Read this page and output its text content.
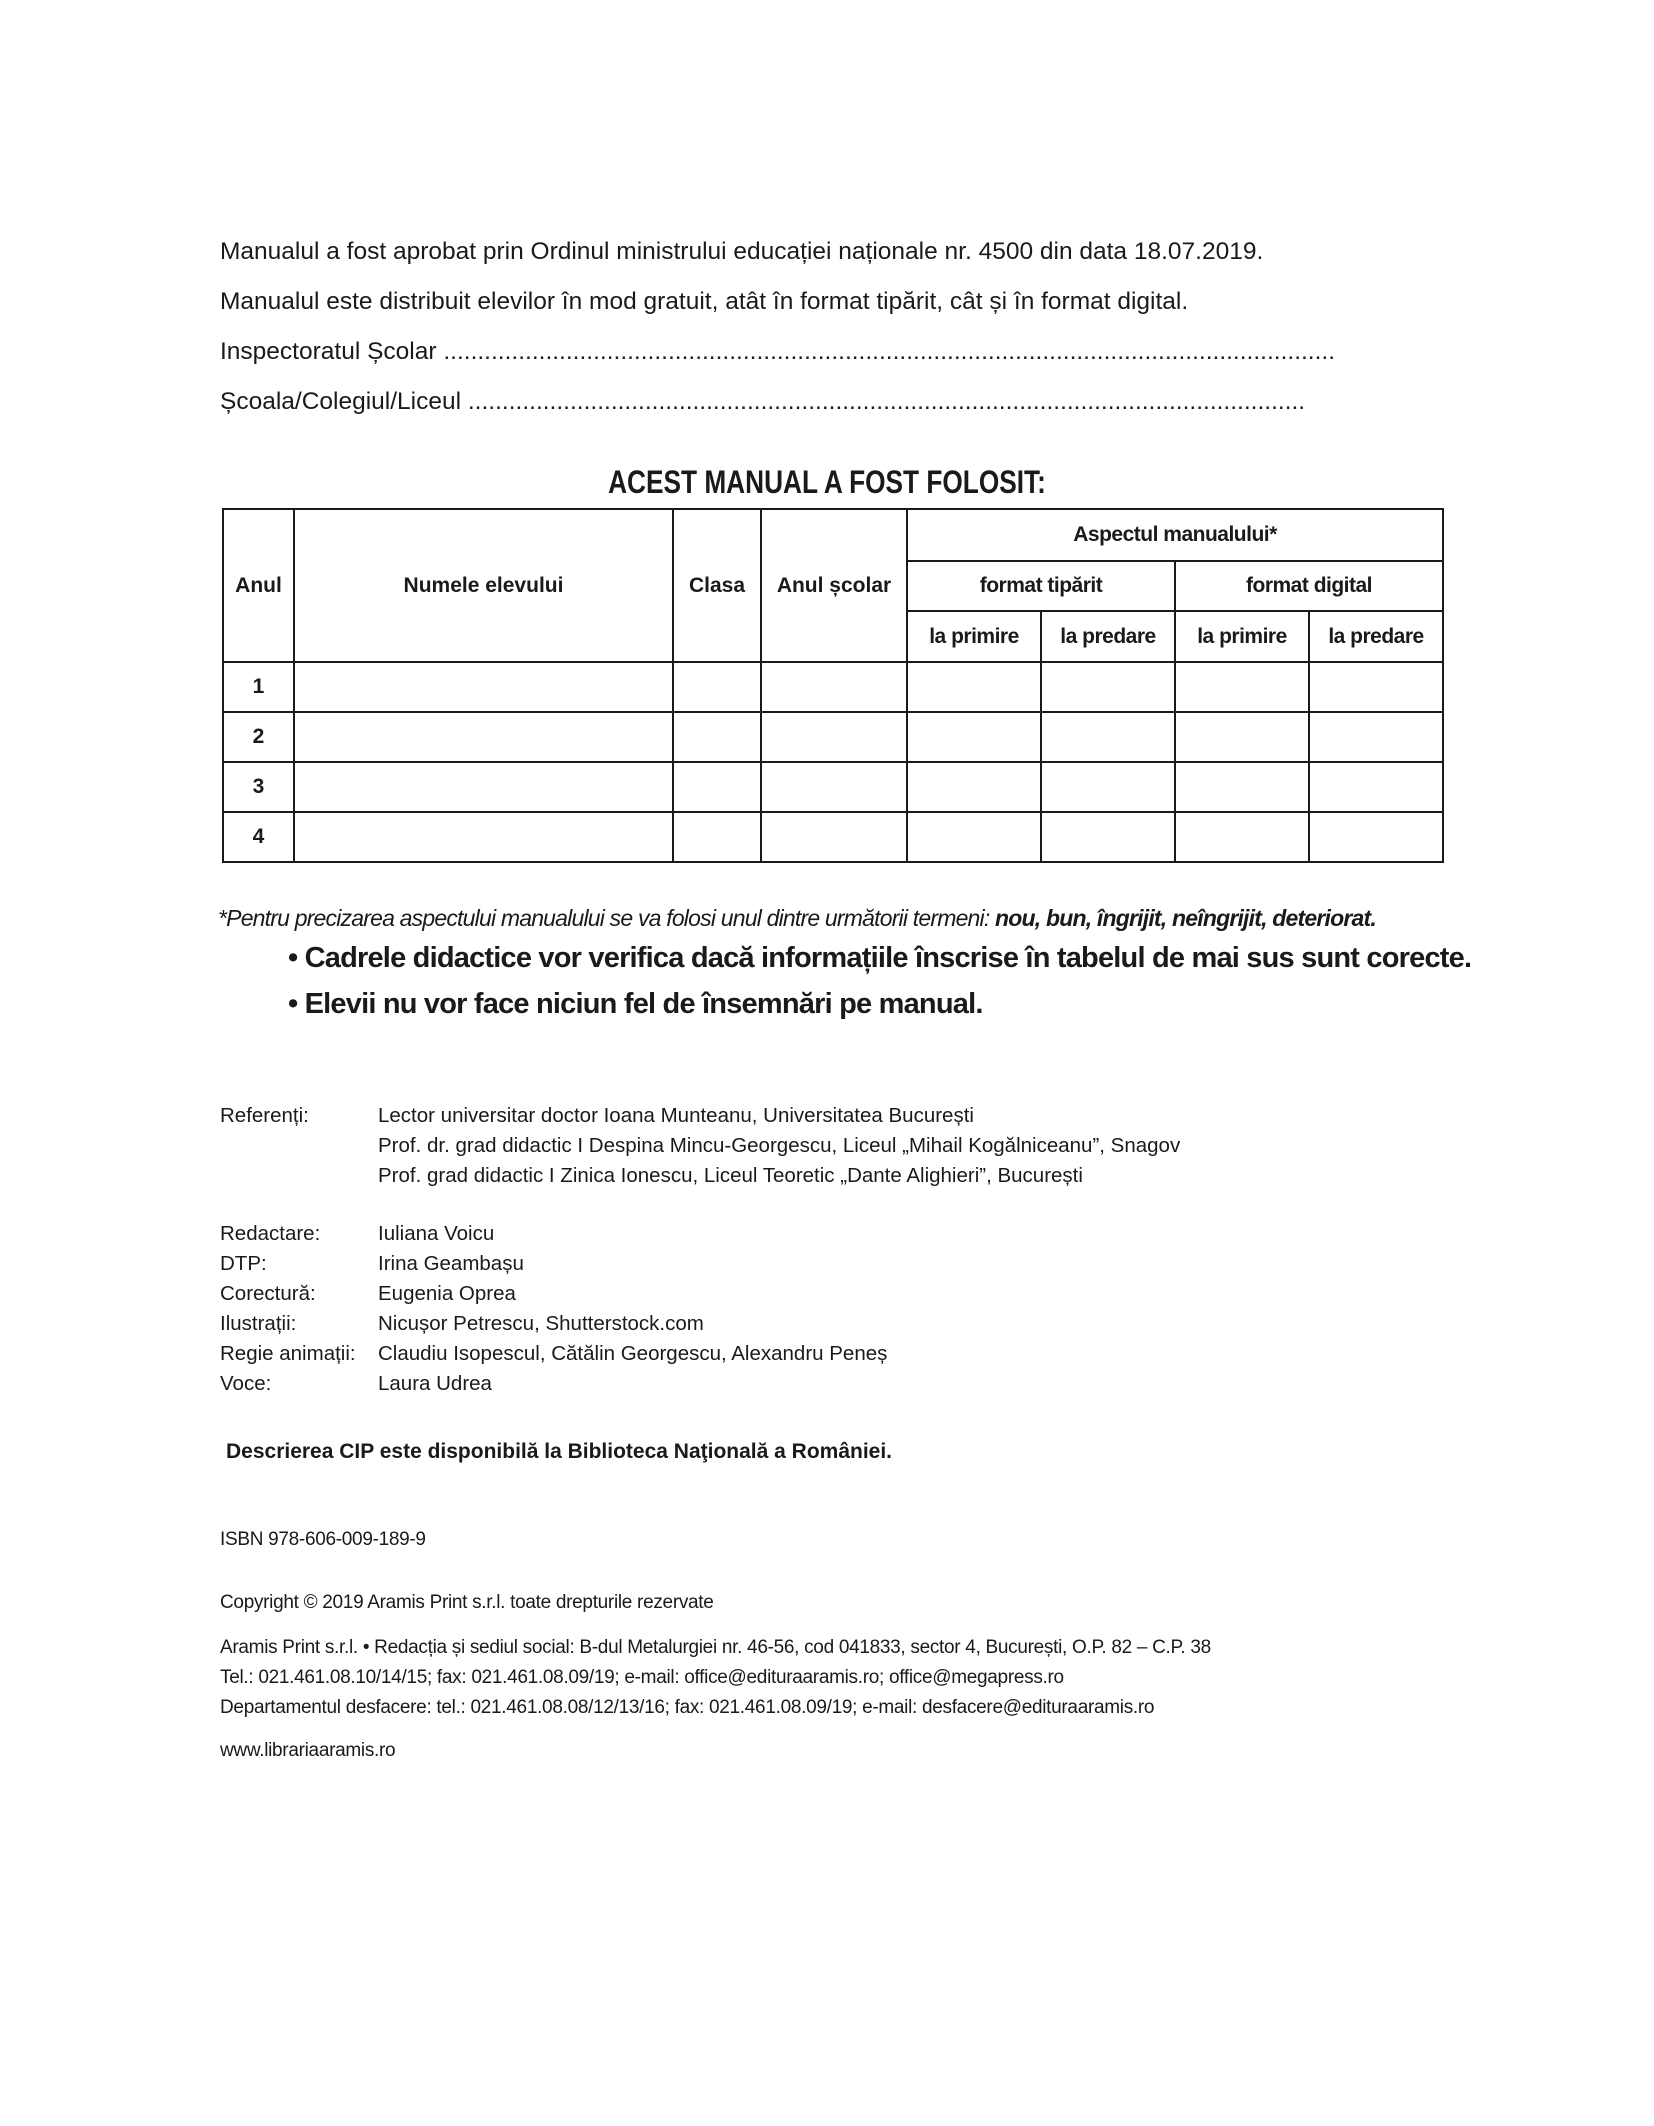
Manualul a fost aprobat prin Ordinul ministrului educației naționale nr. 4500 din data 18.07.2019.
Manualul este distribuit elevilor în mod gratuit, atât în format tipărit, cât și în format digital.
Inspectoratul Școlar ...................................................................................................................................
Școala/Colegiul/Liceul ...........................................................................................................................
ACEST MANUAL A FOST FOLOSIT:
Anul	Numele elevului	Clasa	Anul școlar	Aspectul manualului*			
				format tipărit		format digital	
				la primire	la predare	la primire	la predare
1							
2							
3							
4							
*Pentru precizarea aspectului manualului se va folosi unul dintre următorii termeni: nou, bun, îngrijit, neîngrijit, deteriorat.
• Cadrele didactice vor verifica dacă informațiile înscrise în tabelul de mai sus sunt corecte.
• Elevii nu vor face niciun fel de însemnări pe manual.
Referenți:	Lector universitar doctor Ioana Munteanu, Universitatea București
Prof. dr. grad didactic I Despina Mincu-Georgescu, Liceul „Mihail Kogălniceanu”, Snagov
Prof. grad didactic I Zinica Ionescu, Liceul Teoretic „Dante Alighieri”, București
Redactare:	Iuliana Voicu
DTP:	Irina Geambașu
Corectură:	Eugenia Oprea
Ilustrații:	Nicușor Petrescu, Shutterstock.com
Regie animații: Claudiu Isopescul, Cătălin Georgescu, Alexandru Peneș
Voce:	Laura Udrea
Descrierea CIP este disponibilă la Biblioteca Naţională a României.
ISBN 978-606-009-189-9
Copyright © 2019 Aramis Print s.r.l. toate drepturile rezervate
Aramis Print s.r.l. • Redacția și sediul social: B-dul Metalurgiei nr. 46-56, cod 041833, sector 4, București, O.P. 82 – C.P. 38
Tel.: 021.461.08.10/14/15; fax: 021.461.08.09/19; e-mail: office@edituraaramis.ro; office@megapress.ro
Departamentul desfacere: tel.: 021.461.08.08/12/13/16; fax: 021.461.08.09/19; e-mail: desfacere@edituraaramis.ro
www.librariaaramis.ro
